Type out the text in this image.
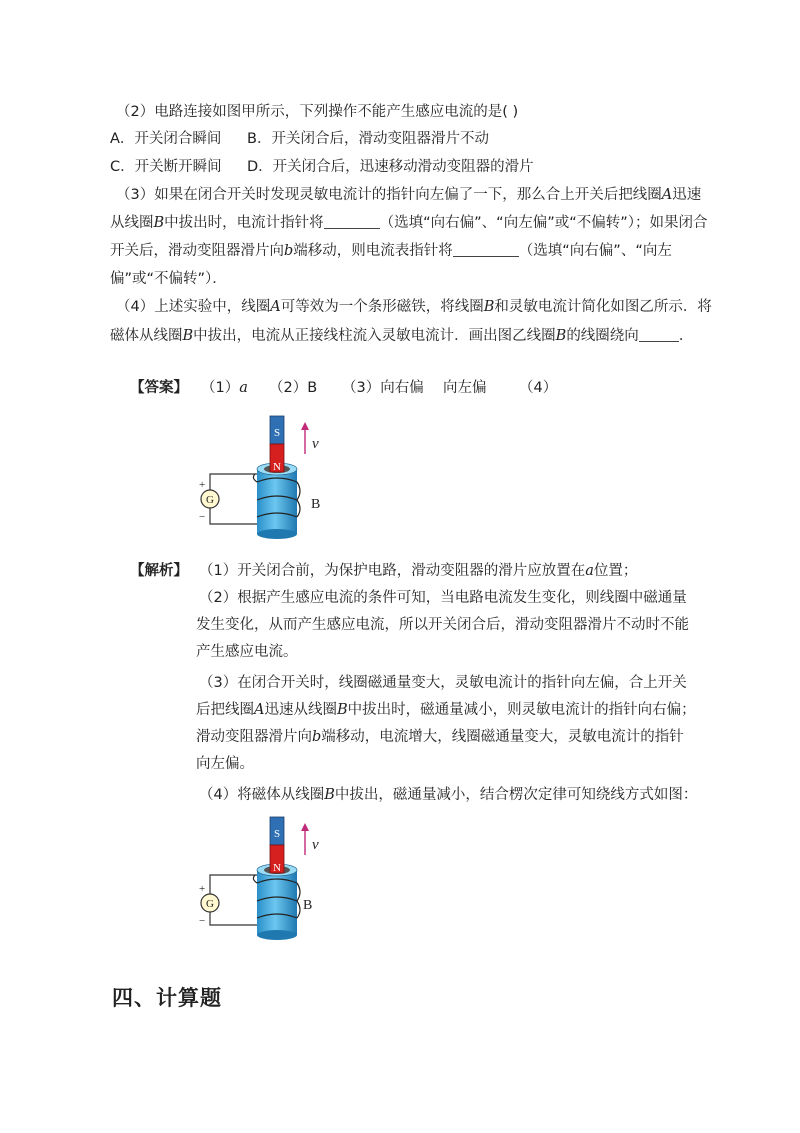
（2）电路连接如图甲所示，下列操作不能产生感应电流的是( )
A．开关闭合瞬间 B．开关闭合后，滑动变阻器滑片不动
C．开关断开瞬间 D．开关闭合后，迅速移动滑动变阻器的滑片
（3）如果在闭合开关时发现灵敏电流计的指针向左偏了一下，那么合上开关后把线圈A迅速
从线圈B中拔出时，电流计指针将	（选填“向右偏”、“向左偏”或“不偏转”）；如果闭合
开关后，滑动变阻器滑片向b端移动，则电流表指针将	（选填“向右偏”、“向左
偏”或“不偏转”）．
（4）上述实验中，线圈A可等效为一个条形磁铁，将线圈B和灵敏电流计简化如图乙所示．将
磁体从线圈B中拔出，电流从正接线柱流入灵敏电流计．画出图乙线圈B的线圈绕向	．
【答案】 （1）a （2）B （3）向右偏 向左偏 （4）
S
N
v
G
+
−
B
【解析】 （1）开关闭合前，为保护电路，滑动变阻器的滑片应放置在a位置；
（2）根据产生感应电流的条件可知，当电路电流发生变化，则线圈中磁通量
发生变化，从而产生感应电流，所以开关闭合后，滑动变阻器滑片不动时不能
产生感应电流。
（3）在闭合开关时，线圈磁通量变大，灵敏电流计的指针向左偏，合上开关
后把线圈A迅速从线圈B中拔出时，磁通量减小，则灵敏电流计的指针向右偏；
滑动变阻器滑片向b端移动，电流增大，线圈磁通量变大，灵敏电流计的指针
向左偏。
（4）将磁体从线圈B中拔出，磁通量减小，结合楞次定律可知绕线方式如图：
S
N
v
G
+
−
B
四、计算题
